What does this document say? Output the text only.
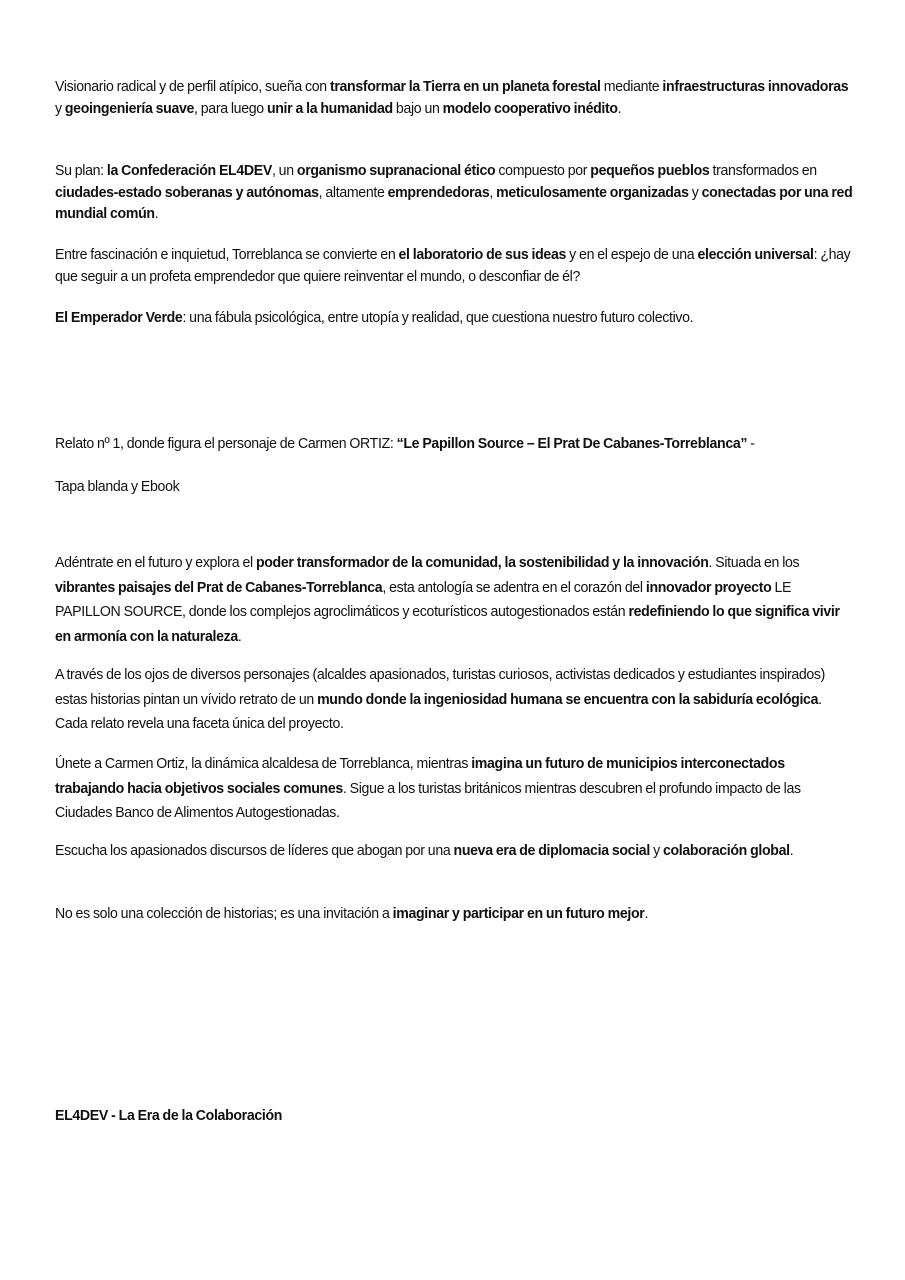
Visionario radical y de perfil atípico, sueña con transformar la Tierra en un planeta forestal mediante infraestructuras innovadoras y geoingeniería suave, para luego unir a la humanidad bajo un modelo cooperativo inédito.

Su plan: la Confederación EL4DEV, un organismo supranacional ético compuesto por pequeños pueblos transformados en ciudades-estado soberanas y autónomas, altamente emprendedoras, meticulosamente organizadas y conectadas por una red mundial común.

Entre fascinación e inquietud, Torreblanca se convierte en el laboratorio de sus ideas y en el espejo de una elección universal: ¿hay que seguir a un profeta emprendedor que quiere reinventar el mundo, o desconfiar de él?

El Emperador Verde: una fábula psicológica, entre utopía y realidad, que cuestiona nuestro futuro colectivo.

Relato nº 1, donde figura el personaje de Carmen ORTIZ: “Le Papillon Source – El Prat De Cabanes-Torreblanca” -

Tapa blanda y Ebook

Adéntrate en el futuro y explora el poder transformador de la comunidad, la sostenibilidad y la innovación. Situada en los vibrantes paisajes del Prat de Cabanes-Torreblanca, esta antología se adentra en el corazón del innovador proyecto LE PAPILLON SOURCE, donde los complejos agroclimáticos y ecoturísticos autogestionados están redefiniendo lo que significa vivir en armonía con la naturaleza.

A través de los ojos de diversos personajes (alcaldes apasionados, turistas curiosos, activistas dedicados y estudiantes inspirados) estas historias pintan un vívido retrato de un mundo donde la ingeniosidad humana se encuentra con la sabiduría ecológica. Cada relato revela una faceta única del proyecto.

Únete a Carmen Ortiz, la dinámica alcaldesa de Torreblanca, mientras imagina un futuro de municipios interconectados trabajando hacia objetivos sociales comunes. Sigue a los turistas británicos mientras descubren el profundo impacto de las Ciudades Banco de Alimentos Autogestionadas.

Escucha los apasionados discursos de líderes que abogan por una nueva era de diplomacia social y colaboración global.

No es solo una colección de historias; es una invitación a imaginar y participar en un futuro mejor.

EL4DEV - La Era de la Colaboración
